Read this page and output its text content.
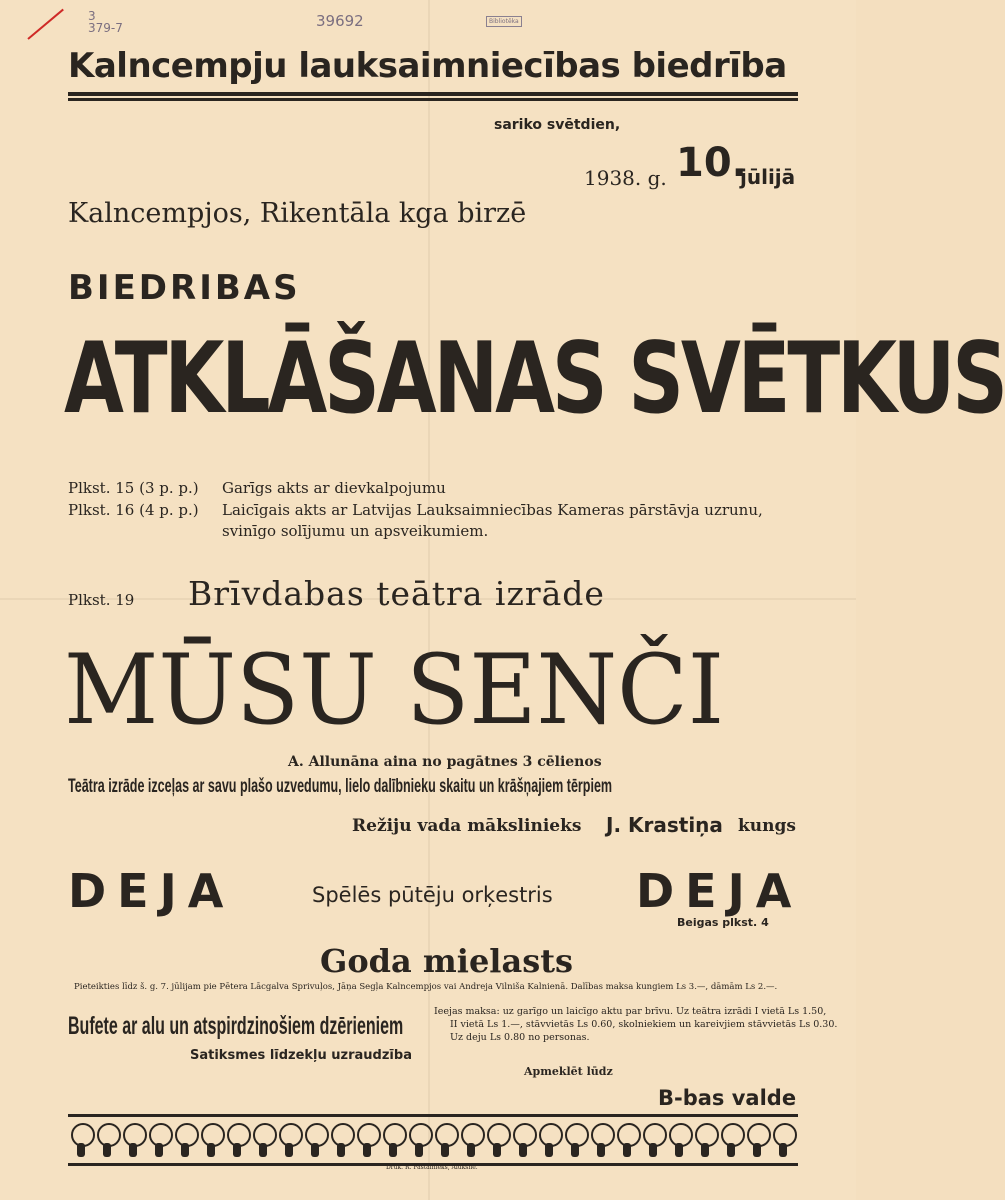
3
379-7	39692	Bibliotēka
Kalncempju lauksaimniecības biedrība
sariko svētdien,
1938. g. 10.
jūlijā
Kalncempjos, Rikentāla kga birzē
BIEDRIBAS
ATKLĀŠANAS SVĒTKUS
Plkst. 15 (3 p. p.) Garīgs akts ar dievkalpojumu
Plkst. 16 (4 p. p.) Laicīgais akts ar Latvijas Lauksaimniecības Kameras pārstāvja uzrunu,
svinīgo solījumu un apsveikumiem.
Plkst. 19 Brīvdabas teātra izrāde
MŪSU SENČI
A. Allunāna aina no pagātnes 3 cēlienos
Teātra izrāde izceļas ar savu plašo uzvedumu, lielo dalībnieku skaitu un krāšņajiem tērpiem
Režiju vada mākslinieks J. Krastiņa kungs
DEJA	Spēlēs pūtēju orķestris DEJA
Beigas plkst. 4
Goda mielasts
Pieteikties līdz š. g. 7. jūlijam pie Pētera Lācgalva Sprivuļos, Jāņa Segļa Kalncempjos vai Andreja Vilniša Kalnienā. Dalības maksa kungiem Ls 3.—, dāmām Ls 2.—.
Bufete ar alu un atspirdzinošiem dzērieniem
Ieejas maksa: uz garīgo un laicīgo aktu par brīvu. Uz teātra izrādi I vietā Ls 1.50,
II vietā Ls 1.—, stāvvietās Ls 0.60, skolniekiem un kareivjiem stāvvietās Ls 0.30.
Uz deju Ls 0.80 no personas.
Satiksmes līdzekļu uzraudzība
Apmeklēt lūdz
B-bas valde
Druk. R. Pastalnieks, Alūksnē.
